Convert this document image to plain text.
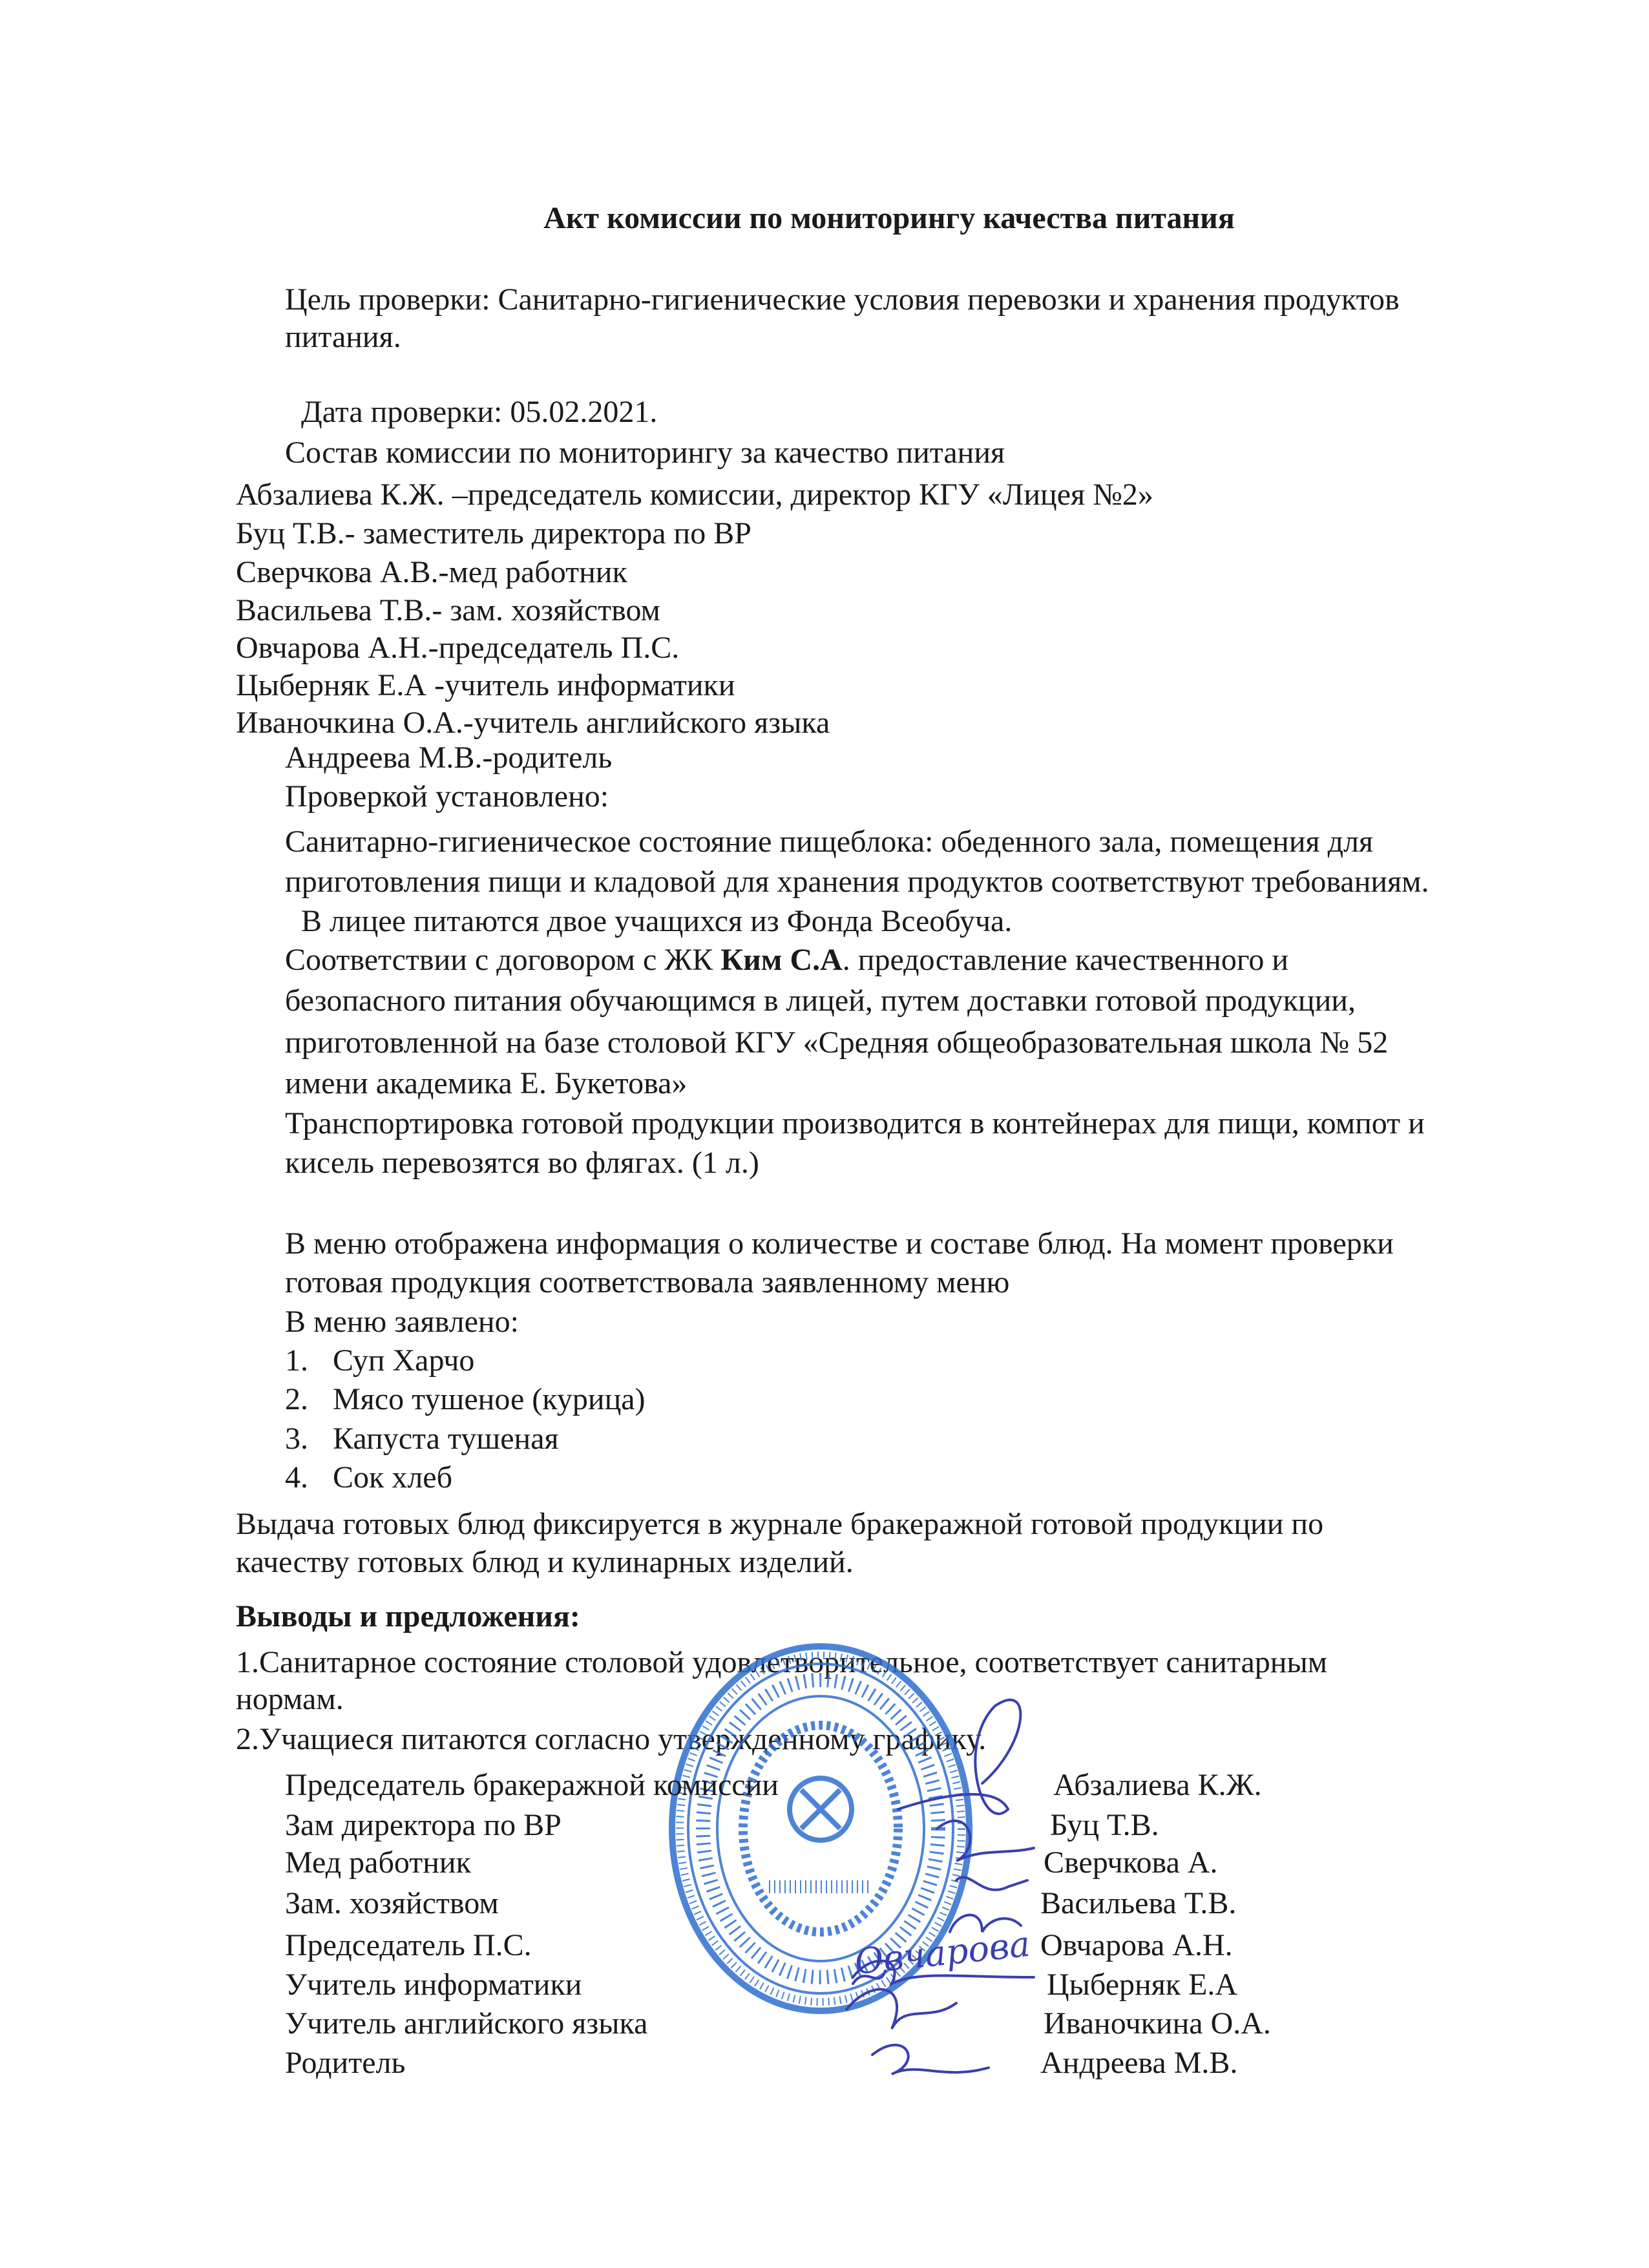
Акт комиссии по мониторингу качества питания
Цель проверки: Санитарно-гигиенические условия перевозки и хранения продуктов
питания.
Дата проверки: 05.02.2021.
Состав комиссии по мониторингу за качество питания
Абзалиева К.Ж. –председатель комиссии, директор КГУ «Лицея №2»
Буц Т.В.- заместитель директора по ВР
Сверчкова А.В.-мед работник
Васильева Т.В.- зам. хозяйством
Овчарова А.Н.-председатель П.С.
Цыберняк Е.А -учитель информатики
Иваночкина О.А.-учитель английского языка
Андреева М.В.-родитель
Проверкой установлено:
Санитарно-гигиеническое состояние пищеблока: обеденного зала, помещения для
приготовления пищи и кладовой для хранения продуктов соответствуют требованиям.
В лицее питаются двое учащихся из Фонда Всеобуча.
Соответствии с договором с ЖК Ким С.А. предоставление качественного и
безопасного питания обучающимся в лицей, путем доставки готовой продукции,
приготовленной на базе столовой КГУ «Средняя общеобразовательная школа № 52
имени академика Е. Букетова»
Транспортировка готовой продукции производится в контейнерах для пищи, компот и
кисель перевозятся во флягах. (1 л.)
В меню отображена информация о количестве и составе блюд. На момент проверки
готовая продукция соответствовала заявленному меню
В меню заявлено:
1. Суп Харчо
2. Мясо тушеное (курица)
3. Капуста тушеная
4. Сок хлеб
Выдача готовых блюд фиксируется в журнале бракеражной готовой продукции по
качеству готовых блюд и кулинарных изделий.
Выводы и предложения:
1.Санитарное состояние столовой удовлетворительное, соответствует санитарным
нормам.
2.Учащиеся питаются согласно утвержденному графику.
Овчарова
Председатель бракеражной комиссии	Абзалиева К.Ж.
Зам директора по ВР	Буц Т.В.
Мед работник	Сверчкова А.
Зам. хозяйством	Васильева Т.В.
Председатель П.С.	Овчарова А.Н.
Учитель информатики	Цыберняк Е.А
Учитель английского языка	Иваночкина О.А.
Родитель	Андреева М.В.
